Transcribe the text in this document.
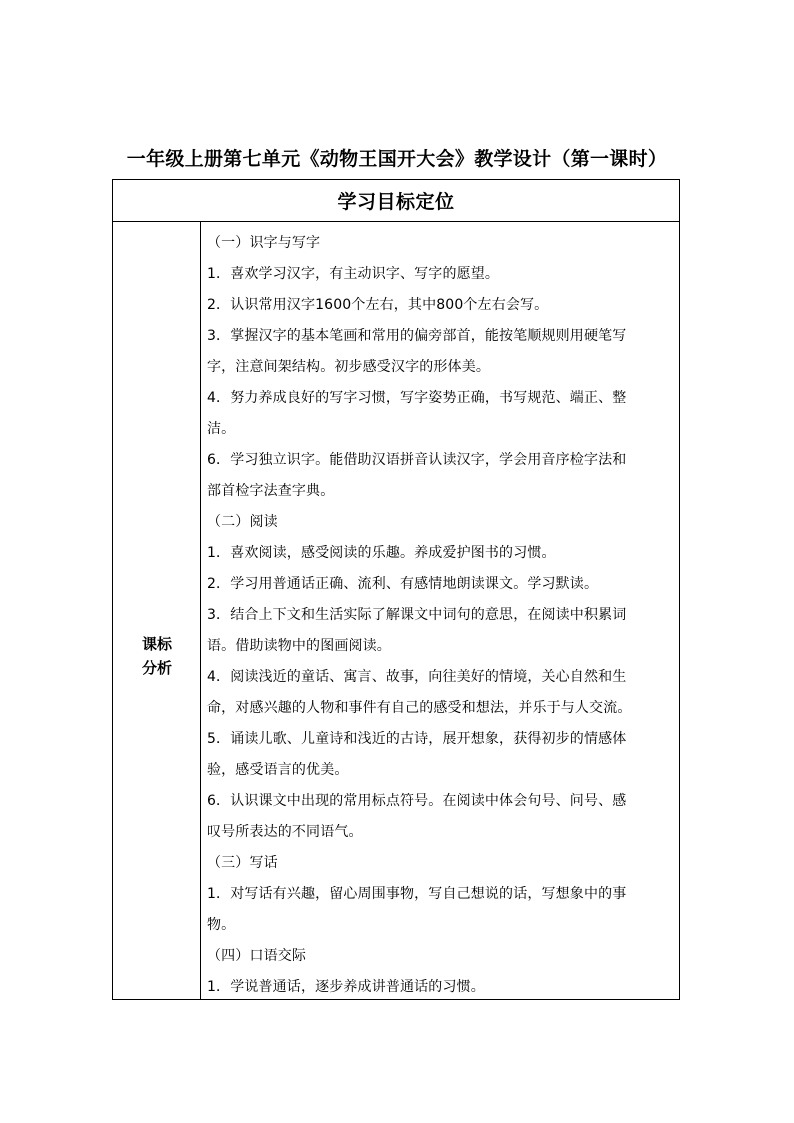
一年级上册第七单元《动物王国开大会》教学设计（第一课时）
学习目标定位
课标
分析
（一）识字与写字
1．喜欢学习汉字，有主动识字、写字的愿望。
2．认识常用汉字1600个左右，其中800个左右会写。
3．掌握汉字的基本笔画和常用的偏旁部首，能按笔顺规则用硬笔写
字，注意间架结构。初步感受汉字的形体美。
4．努力养成良好的写字习惯，写字姿势正确，书写规范、端正、整
洁。
6．学习独立识字。能借助汉语拼音认读汉字，学会用音序检字法和
部首检字法查字典。
（二）阅读
1．喜欢阅读，感受阅读的乐趣。养成爱护图书的习惯。
2．学习用普通话正确、流利、有感情地朗读课文。学习默读。
3．结合上下文和生活实际了解课文中词句的意思，在阅读中积累词
语。借助读物中的图画阅读。
4．阅读浅近的童话、寓言、故事，向往美好的情境，关心自然和生
命，对感兴趣的人物和事件有自己的感受和想法，并乐于与人交流。
5．诵读儿歌、儿童诗和浅近的古诗，展开想象，获得初步的情感体
验，感受语言的优美。
6．认识课文中出现的常用标点符号。在阅读中体会句号、问号、感
叹号所表达的不同语气。
（三）写话
1．对写话有兴趣，留心周围事物，写自己想说的话，写想象中的事
物。
（四）口语交际
1．学说普通话，逐步养成讲普通话的习惯。
